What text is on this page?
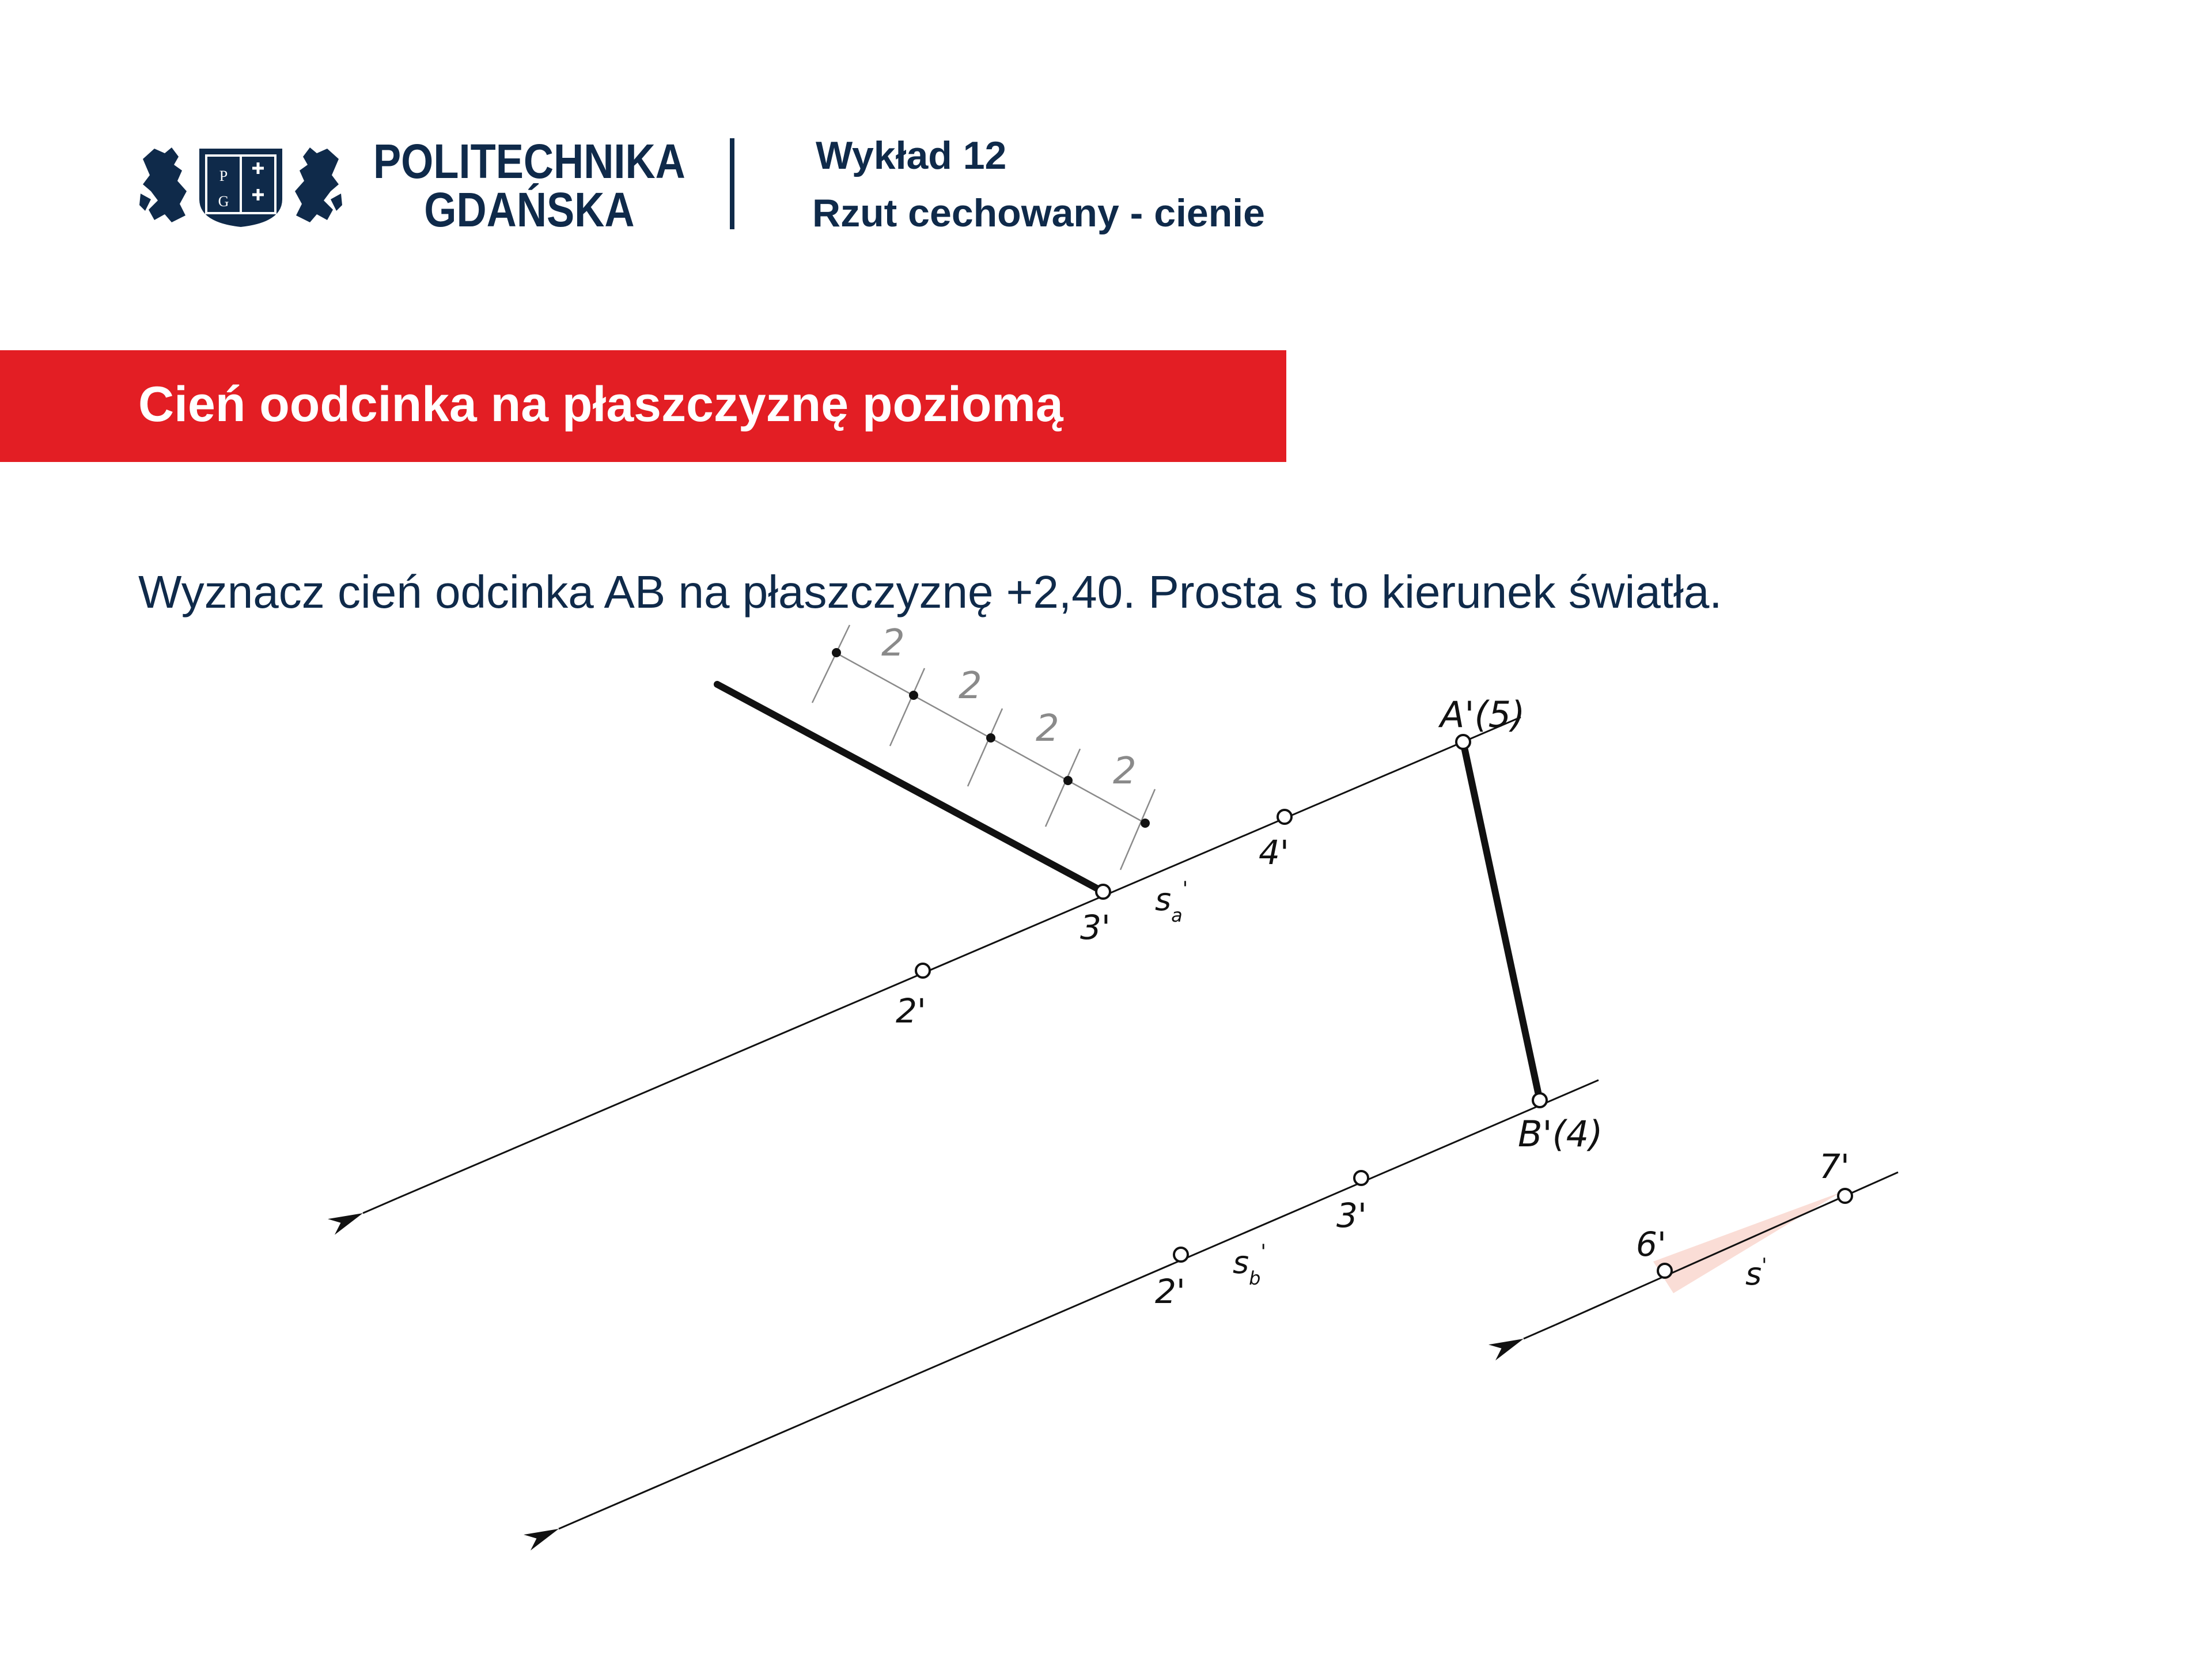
P
G
POLITECHNIKA
GDAŃSKA
Wykład 12
Rzut cechowany - cienie
Cień oodcinka na płaszczyznę poziomą
Wyznacz cień odcinka AB na płaszczyznę +2,40. Prosta s to kierunek światła.
2
2
2
2
2'
3'
4'
$s_a'$
A'(5)
B'(4)
3'
2'
$s_b'$
7'
6'
s'
